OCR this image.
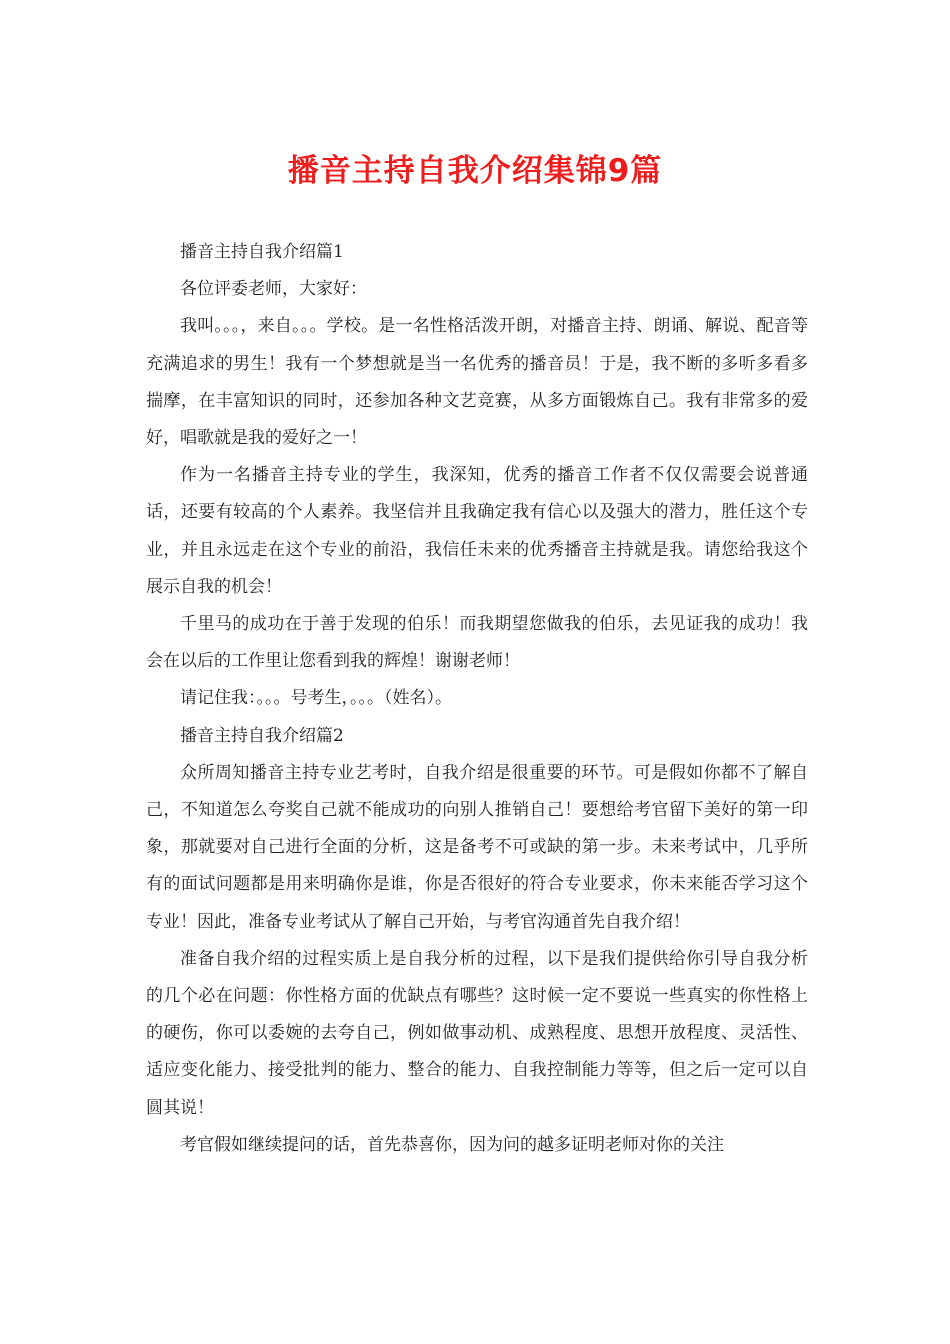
播音主持自我介绍集锦9篇

播音主持自我介绍篇1

各位评委老师，大家好：

我叫。。。，来自。。。学校。是一名性格活泼开朗，对播音主持、朗诵、解说、配音等充满追求的男生！我有一个梦想就是当一名优秀的播音员！于是，我不断的多听多看多揣摩，在丰富知识的同时，还参加各种文艺竞赛，从多方面锻炼自己。我有非常多的爱好，唱歌就是我的爱好之一！

作为一名播音主持专业的学生，我深知，优秀的播音工作者不仅仅需要会说普通话，还要有较高的个人素养。我坚信并且我确定我有信心以及强大的潜力，胜任这个专业，并且永远走在这个专业的前沿，我信任未来的优秀播音主持就是我。请您给我这个展示自我的机会！

千里马的成功在于善于发现的伯乐！而我期望您做我的伯乐，去见证我的成功！我会在以后的工作里让您看到我的辉煌！谢谢老师！

请记住我：。。。号考生，。。。（姓名）。

播音主持自我介绍篇2

众所周知播音主持专业艺考时，自我介绍是很重要的环节。可是假如你都不了解自己，不知道怎么夸奖自己就不能成功的向别人推销自己！要想给考官留下美好的第一印象，那就要对自己进行全面的分析，这是备考不可或缺的第一步。未来考试中，几乎所有的面试问题都是用来明确你是谁，你是否很好的符合专业要求，你未来能否学习这个专业！因此，准备专业考试从了解自己开始，与考官沟通首先自我介绍！

准备自我介绍的过程实质上是自我分析的过程，以下是我们提供给你引导自我分析的几个必在问题：你性格方面的优缺点有哪些？这时候一定不要说一些真实的你性格上的硬伤，你可以委婉的去夸自己，例如做事动机、成熟程度、思想开放程度、灵活性、适应变化能力、接受批判的能力、整合的能力、自我控制能力等等，但之后一定可以自圆其说！

考官假如继续提问的话，首先恭喜你，因为问的越多证明老师对你的关注
